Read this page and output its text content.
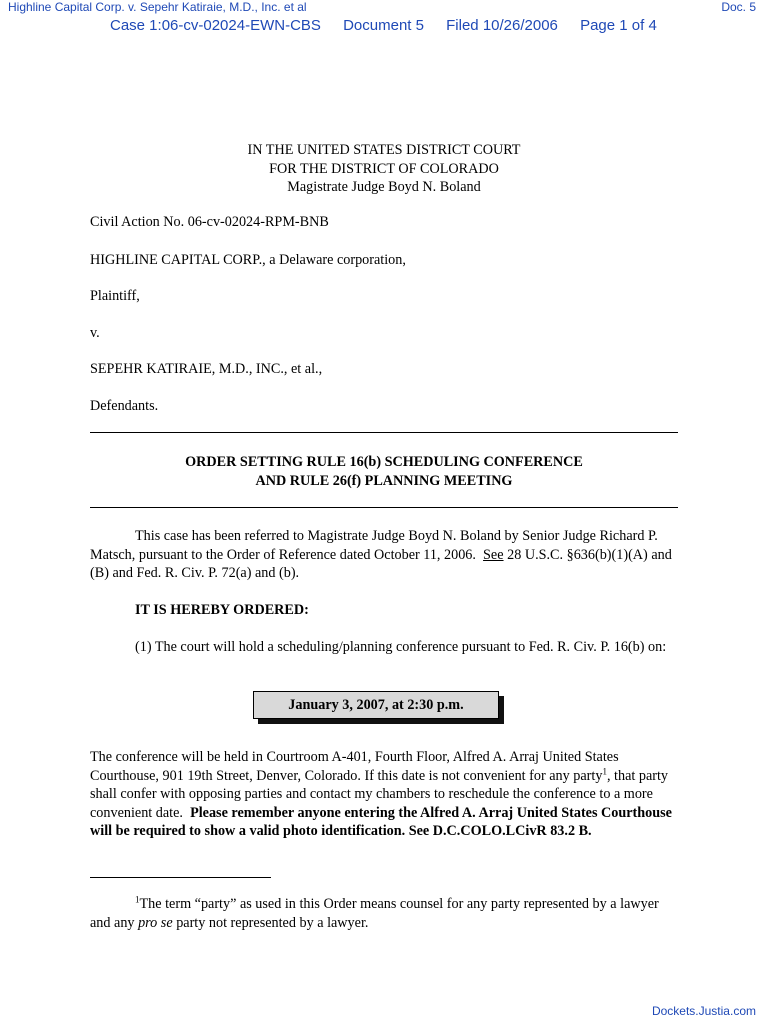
Highline Capital Corp. v. Sepehr Katiraie, M.D., Inc. et al	Doc. 5
Case 1:06-cv-02024-EWN-CBS Document 5 Filed 10/26/2006 Page 1 of 4
IN THE UNITED STATES DISTRICT COURT
FOR THE DISTRICT OF COLORADO
Magistrate Judge Boyd N. Boland
Civil Action No. 06-cv-02024-RPM-BNB
HIGHLINE CAPITAL CORP., a Delaware corporation,
Plaintiff,
v.
SEPEHR KATIRAIE, M.D., INC., et al.,
Defendants.
ORDER SETTING RULE 16(b) SCHEDULING CONFERENCE
AND RULE 26(f) PLANNING MEETING
This case has been referred to Magistrate Judge Boyd N. Boland by Senior Judge Richard P. Matsch, pursuant to the Order of Reference dated October 11, 2006. See 28 U.S.C. §636(b)(1)(A) and (B) and Fed. R. Civ. P. 72(a) and (b).
IT IS HEREBY ORDERED:
(1) The court will hold a scheduling/planning conference pursuant to Fed. R. Civ. P. 16(b) on:
January 3, 2007, at 2:30 p.m.
The conference will be held in Courtroom A-401, Fourth Floor, Alfred A. Arraj United States Courthouse, 901 19th Street, Denver, Colorado. If this date is not convenient for any party$^1$, that party shall confer with opposing parties and contact my chambers to reschedule the conference to a more convenient date. Please remember anyone entering the Alfred A. Arraj United States Courthouse will be required to show a valid photo identification. See D.C.COLO.LCivR 83.2 B.
$^1$The term “party” as used in this Order means counsel for any party represented by a lawyer and any pro se party not represented by a lawyer.
Dockets.Justia.com
